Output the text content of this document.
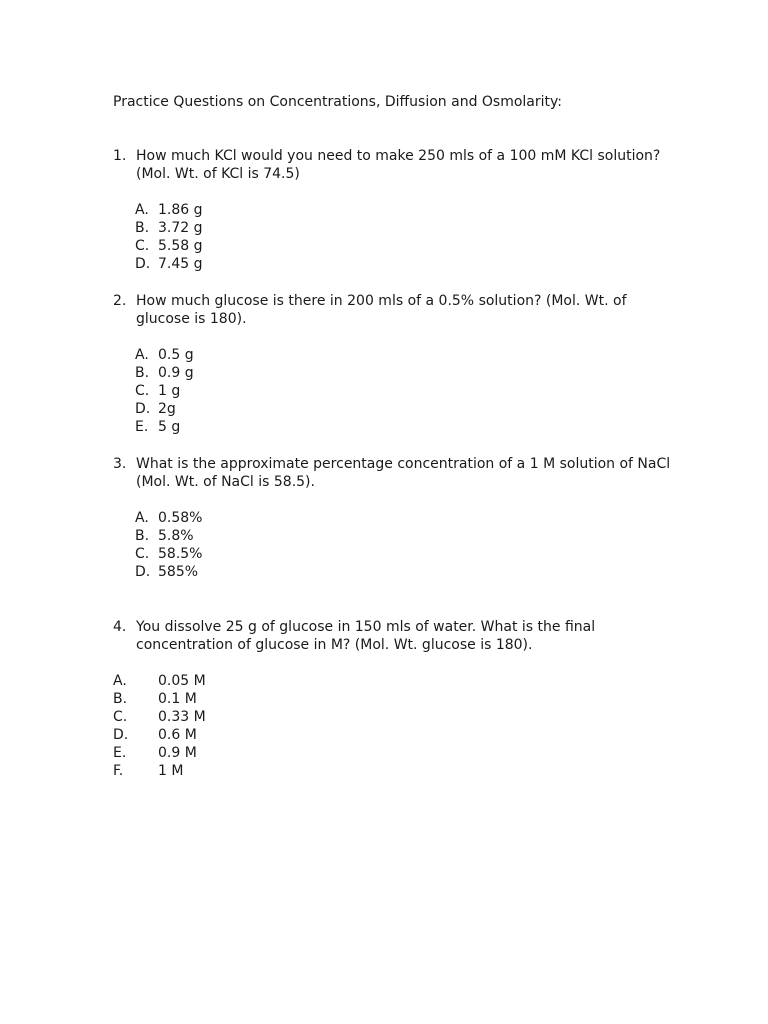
Practice Questions on Concentrations, Diffusion and Osmolarity:
1. How much KCl would you need to make 250 mls of a 100 mM KCl solution? (Mol. Wt. of KCl is 74.5)
A. 1.86 g
B. 3.72 g
C. 5.58 g
D. 7.45 g
2. How much glucose is there in 200 mls of a 0.5% solution? (Mol. Wt. of glucose is 180).
A. 0.5 g
B. 0.9 g
C. 1 g
D. 2g
E. 5 g
3. What is the approximate percentage concentration of a 1 M solution of NaCl (Mol. Wt. of NaCl is 58.5).
A. 0.58%
B. 5.8%
C. 58.5%
D. 585%
4. You dissolve 25 g of glucose in 150 mls of water. What is the final concentration of glucose in M? (Mol. Wt. glucose is 180).
A. 0.05 M
B. 0.1 M
C. 0.33 M
D. 0.6 M
E. 0.9 M
F. 1 M
